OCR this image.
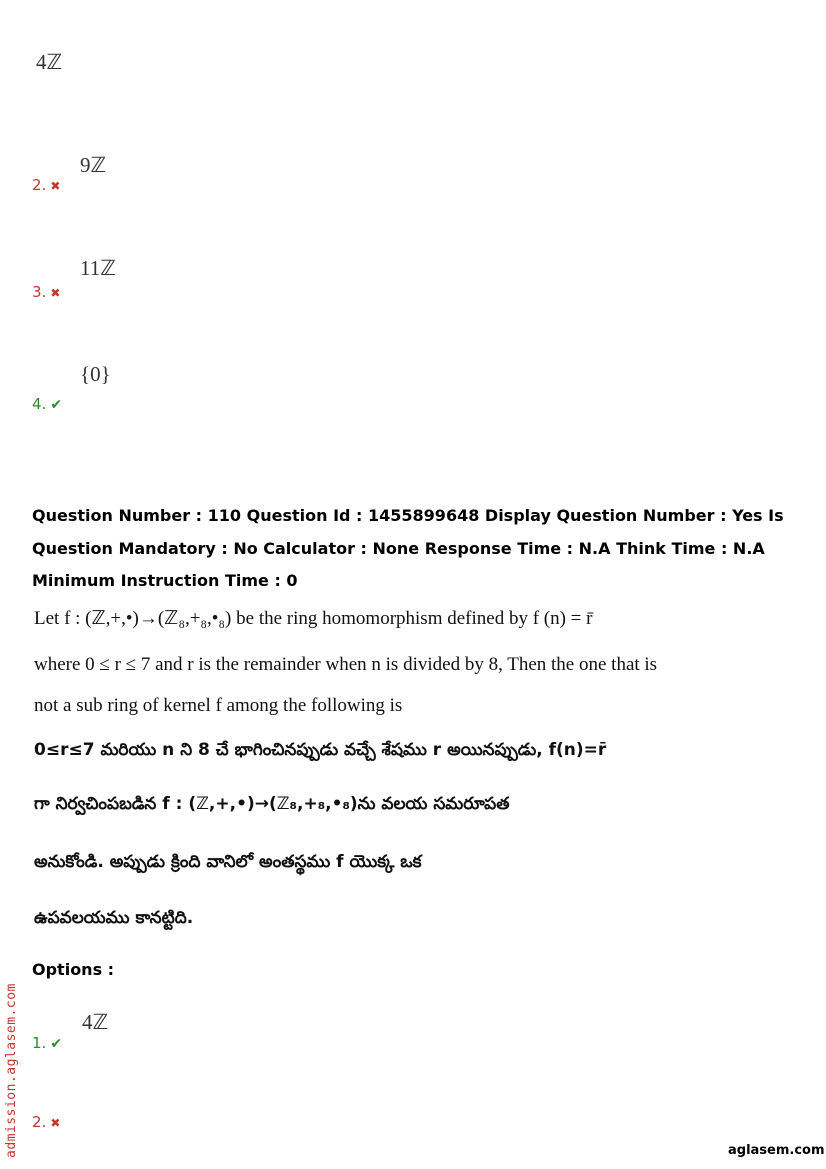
4ℤ
2. ✖
9ℤ
3. ✖
11ℤ
4. ✔
{0}
Question Number : 110 Question Id : 1455899648 Display Question Number : Yes Is Question Mandatory : No Calculator : None Response Time : N.A Think Time : N.A Minimum Instruction Time : 0
Let f : (ℤ,+,•)→(ℤ₈,+₈,•₈) be the ring homomorphism defined by f (n) = r̄
where 0 ≤ r ≤ 7 and r is the remainder when n is divided by 8, Then the one that is
not a sub ring of kernel f among the following is
0≤r≤7 మరియు n ని 8 చే భాగించినప్పుడు వచ్చే శేషము r అయినప్పుడు, f(n)=r̄
గా నిర్వచింపబడిన f : (ℤ,+,•)→(ℤ₈,+₈,•₈)ను వలయ సమరూపత
అనుకోండి. అప్పుడు క్రింది వానిలో అంతస్థము f యొక్క ఒక
ఉపవలయము కానట్టిది.
Options :
1. ✔
4ℤ
2. ✖
admission.aglasem.com	aglasem.com
